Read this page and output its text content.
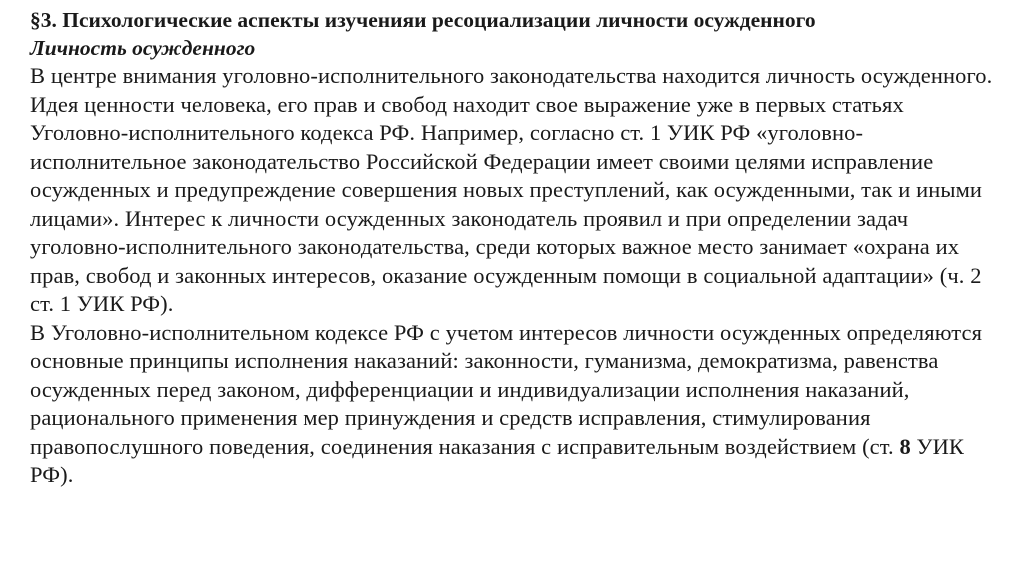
§3. Психологические аспекты изученияи ресоциализации личности осужденного

Личность осужденного

В центре внимания уголовно-исполнительного законодательства находится личность осужденного. Идея ценности человека, его прав и свобод находит свое выражение уже в первых статьях Уголовно-исполнительного кодекса РФ. Например, согласно ст. 1 УИК РФ «уголовно-исполнительное законодательство Российской Федерации имеет своими целями исправление осужденных и предупреждение совершения новых преступлений, как осужденными, так и иными лицами». Интерес к личности осужденных законодатель проявил и при определении задач уголовно-исполнительного законодательства, среди которых важное место занимает «охрана их прав, свобод и законных интересов, оказание осужденным помощи в социальной адаптации» (ч. 2 ст. 1 УИК РФ).

В Уголовно-исполнительном кодексе РФ с учетом интересов личности осужденных определяются основные принципы исполнения наказаний: законности, гуманизма, демократизма, равенства осужденных перед законом, дифференциации и индивидуализации исполнения наказаний, рационального применения мер принуждения и средств исправления, стимулирования правопослушного поведения, соединения наказания с исправительным воздействием (ст. 8 УИК РФ).
